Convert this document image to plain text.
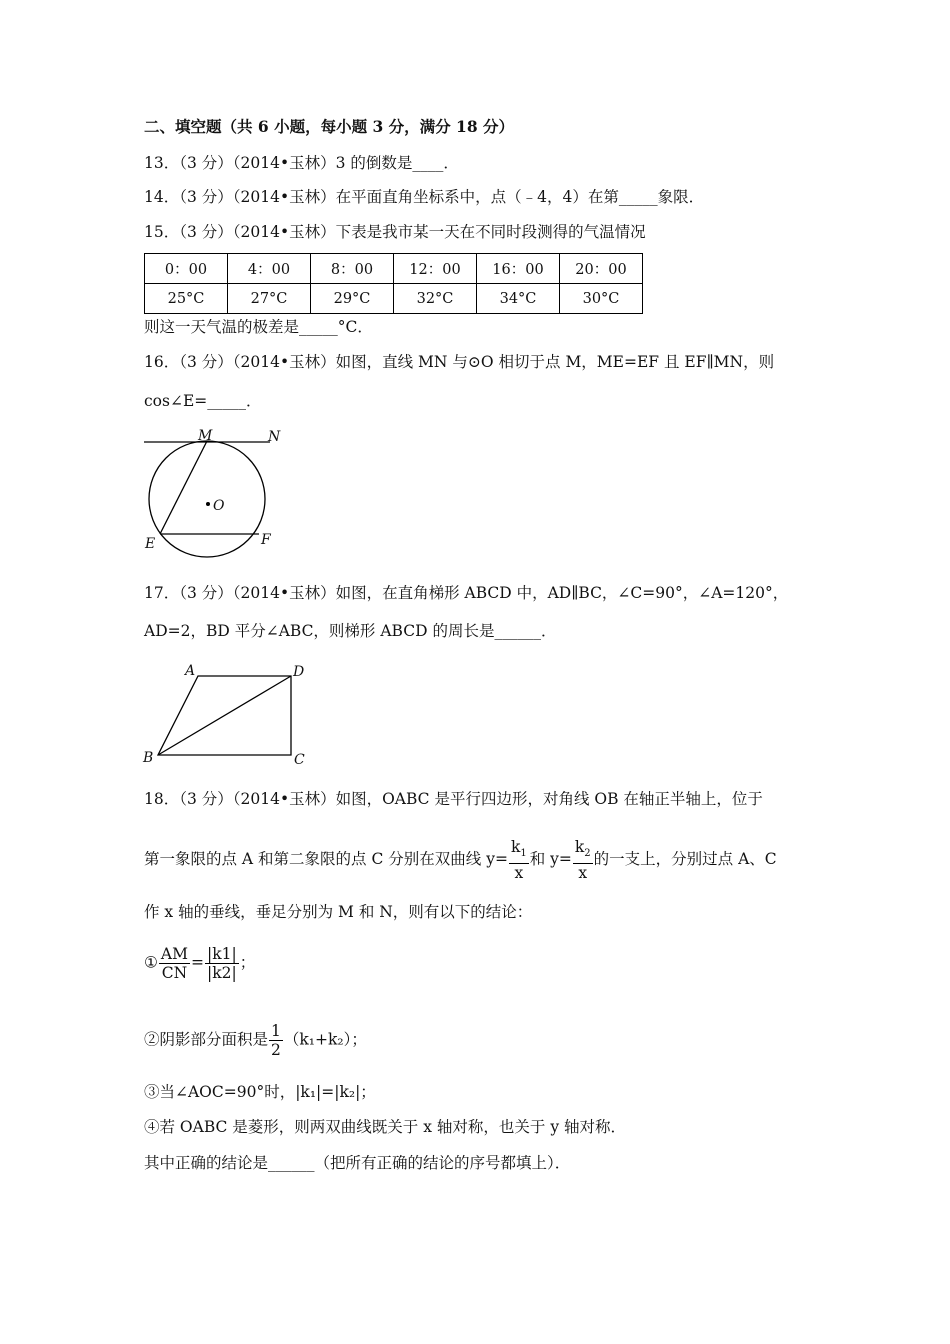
二、填空题（共 6 小题，每小题 3 分，满分 18 分）
13．（3 分）（2014•玉林）3 的倒数是____．
14．（3 分）（2014•玉林）在平面直角坐标系中，点（﹣4，4）在第_____象限．
15．（3 分）（2014•玉林）下表是我市某一天在不同时段测得的气温情况
0：00	4：00	8：00	12：00	16：00	20：00
25°C	27°C	29°C	32°C	34°C	30°C
则这一天气温的极差是_____°C．
16．（3 分）（2014•玉林）如图，直线 MN 与⊙O 相切于点 M，ME=EF 且 EF∥MN，则
cos∠E=_____．
M	N
O
E	F
17．（3 分）（2014•玉林）如图，在直角梯形 ABCD 中，AD∥BC，∠C=90°，∠A=120°，
AD=2，BD 平分∠ABC，则梯形 ABCD 的周长是______．
A	D
B	C
18．（3 分）（2014•玉林）如图，OABC 是平行四边形，对角线 OB 在轴正半轴上，位于
第一象限的点 A 和第二象限的点 C 分别在双曲线 $y= \frac{k_1}{x}$ 和 $y= \frac{k_2}{x}$ 的一支上，分别过点 A、C
作 x 轴的垂线，垂足分别为 M 和 N，则有以下的结论：
① $\frac{AM}{CN} = \frac{|k1|}{|k2|}$ ；
②阴影部分面积是 $\frac{1}{2} (k_1+k_2)$；
③当∠AOC=90°时，|k₁|=|k₂|；
④若 OABC 是菱形，则两双曲线既关于 x 轴对称，也关于 y 轴对称．
其中正确的结论是______（把所有正确的结论的序号都填上）．
